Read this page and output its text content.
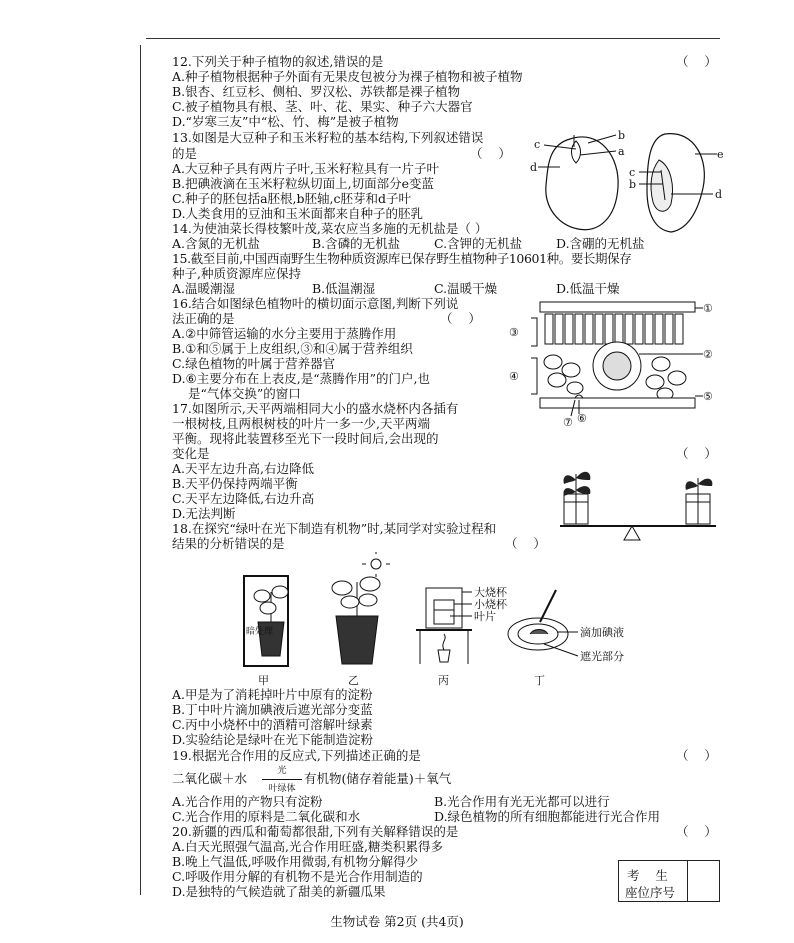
12.下列关于种子植物的叙述,错误的是	（    ）
A.种子植物根据种子外面有无果皮包被分为裸子植物和被子植物
B.银杏、红豆杉、侧柏、罗汉松、苏铁都是裸子植物
C.被子植物具有根、茎、叶、花、果实、种子六大器官
D.“岁寒三友”中“松、竹、梅”是被子植物
13.如图是大豆种子和玉米籽粒的基本结构,下列叙述错误
的是	（    ）
A.大豆种子具有两片子叶,玉米籽粒具有一片子叶
B.把碘液滴在玉米籽粒纵切面上,切面部分e变蓝
C.种子的胚包括a胚根,b胚轴,c胚芽和d子叶
D.人类食用的豆油和玉米面都来自种子的胚乳
b
c
a
d
e
c
b
d
14.为使油菜长得枝繁叶茂,菜农应当多施的无机盐是（ ）
A.含氮的无机盐	B.含磷的无机盐	C.含钾的无机盐	D.含硼的无机盐
15.截至目前,中国西南野生生物种质资源库已保存野生植物种子10601种。要长期保存
种子,种质资源库应保持
A.温暖潮湿	B.低温潮湿	C.温暖干燥	D.低温干燥
16.结合如图绿色植物叶的横切面示意图,判断下列说
法正确的是	（    ）
A.②中筛管运输的水分主要用于蒸腾作用
B.①和⑤属于上皮组织,③和④属于营养组织
C.绿色植物的叶属于营养器官
D.⑥主要分布在上表皮,是“蒸腾作用”的门户,也
是“气体交换”的窗口
①
②
③
④
⑤
⑥
⑦
17.如图所示,天平两端相同大小的盛水烧杯内各插有
一根树枝,且两根树枝的叶片一多一少,天平两端
平衡。现将此装置移至光下一段时间后,会出现的
变化是	（    ）
A.天平左边升高,右边降低
B.天平仍保持两端平衡
C.天平左边降低,右边升高
D.无法判断
18.在探究“绿叶在光下制造有机物”时,某同学对实验过程和
结果的分析错误的是	（    ）
暗处理
甲	乙
大烧杯
小烧杯
叶片
丙
滴加碘液
遮光部分
丁
A.甲是为了消耗掉叶片中原有的淀粉
B.丁中叶片滴加碘液后遮光部分变蓝
C.丙中小烧杯中的酒精可溶解叶绿素
D.实验结论是绿叶在光下能制造淀粉
19.根据光合作用的反应式,下列描述正确的是	（    ）
二氧化碳＋水	光
叶绿体
有机物(储存着能量)＋氧气
A.光合作用的产物只有淀粉	B.光合作用有光无光都可以进行
C.光合作用的原料是二氧化碳和水	D.绿色植物的所有细胞都能进行光合作用
20.新疆的西瓜和葡萄都很甜,下列有关解释错误的是	（    ）
A.白天光照强气温高,光合作用旺盛,糖类积累得多
B.晚上气温低,呼吸作用微弱,有机物分解得少
C.呼吸作用分解的有机物不是光合作用制造的
D.是独特的气候造就了甜美的新疆瓜果
考    生
座位序号
生物试卷 第2页 (共4页)
